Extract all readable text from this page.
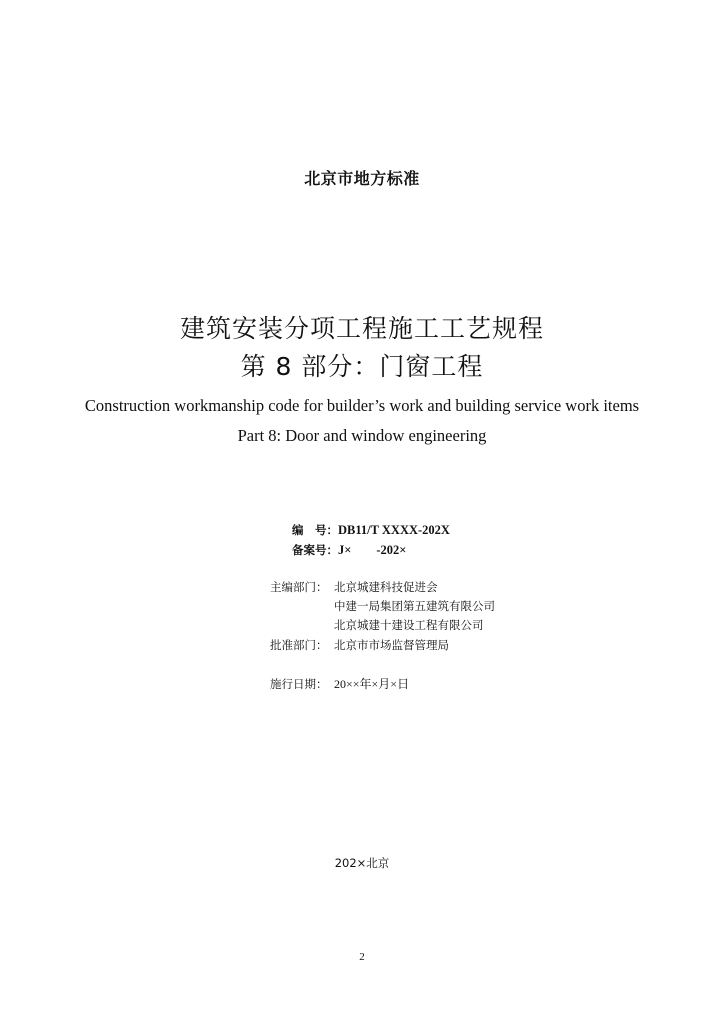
北京市地方标准
建筑安装分项工程施工工艺规程
第 8 部分：门窗工程
Construction workmanship code for builder’s work and building service work items
Part 8: Door and window engineering
编　号：DB11/T XXXX-202X
备案号：J×　　-202×
主编部门： 北京城建科技促进会
中建一局集团第五建筑有限公司
北京城建十建设工程有限公司
批准部门： 北京市市场监督管理局
施行日期： 20××年×月×日
202×北京
2
